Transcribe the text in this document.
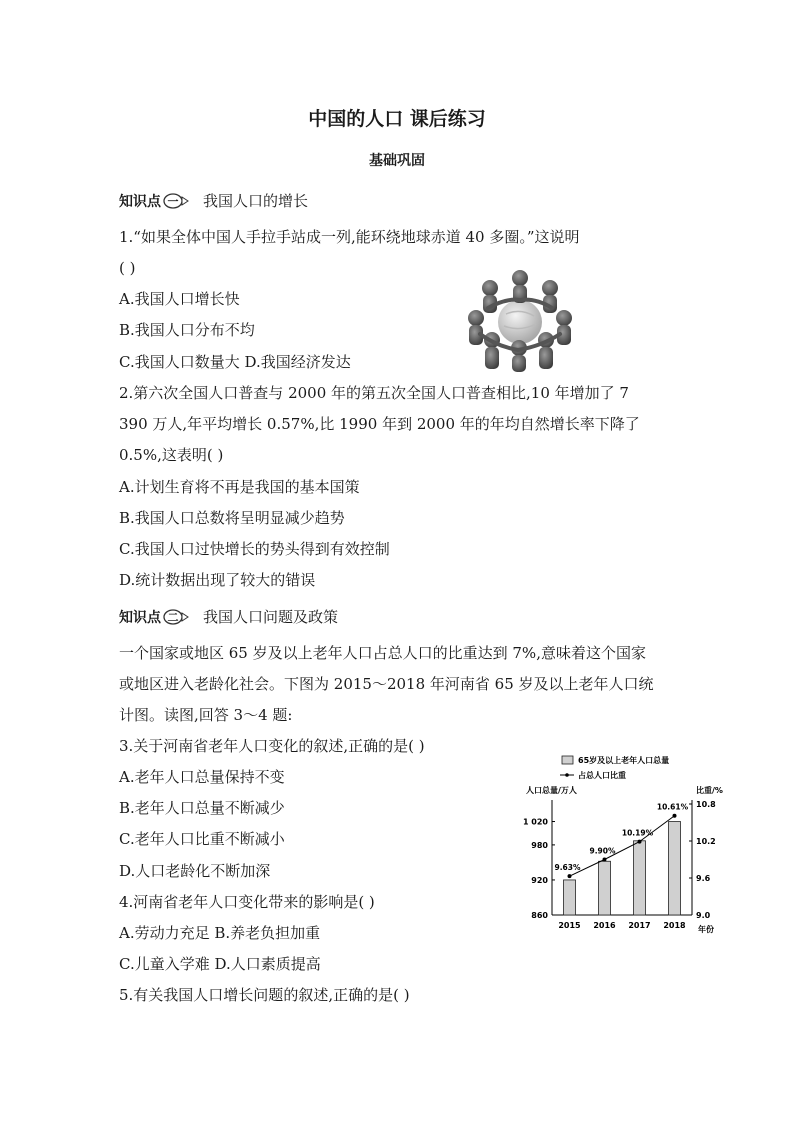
中国的人口 课后练习
基础巩固
知识点 一 我国人口的增长
1.“如果全体中国人手拉手站成一列,能环绕地球赤道 40 多圈。”这说明
( )
A.我国人口增长快
B.我国人口分布不均
C.我国人口数量大 D.我国经济发达
2.第六次全国人口普查与 2000 年的第五次全国人口普查相比,10 年增加了 7
390 万人,年平均增长 0.57%,比 1990 年到 2000 年的年均自然增长率下降了
0.5%,这表明( )
A.计划生育将不再是我国的基本国策
B.我国人口总数将呈明显减少趋势
C.我国人口过快增长的势头得到有效控制
D.统计数据出现了较大的错误
知识点 二 我国人口问题及政策
一个国家或地区 65 岁及以上老年人口占总人口的比重达到 7%,意味着这个国家
或地区进入老龄化社会。下图为 2015～2018 年河南省 65 岁及以上老年人口统
计图。读图,回答 3～4 题:
3.关于河南省老年人口变化的叙述,正确的是( )
A.老年人口总量保持不变
B.老年人口总量不断减少
C.老年人口比重不断减小
D.人口老龄化不断加深
4.河南省老年人口变化带来的影响是( )
A.劳动力充足 B.养老负担加重
C.儿童入学难 D.人口素质提高
5.有关我国人口增长问题的叙述,正确的是( )
65岁及以上老年人口总量
占总人口比重
人口总量/万人	比重/%
年份
860
920
980
1 020
9.0
9.6
10.2
10.8
2015 2016 2017 2018
9.63%
9.90%
10.19%
10.61%
